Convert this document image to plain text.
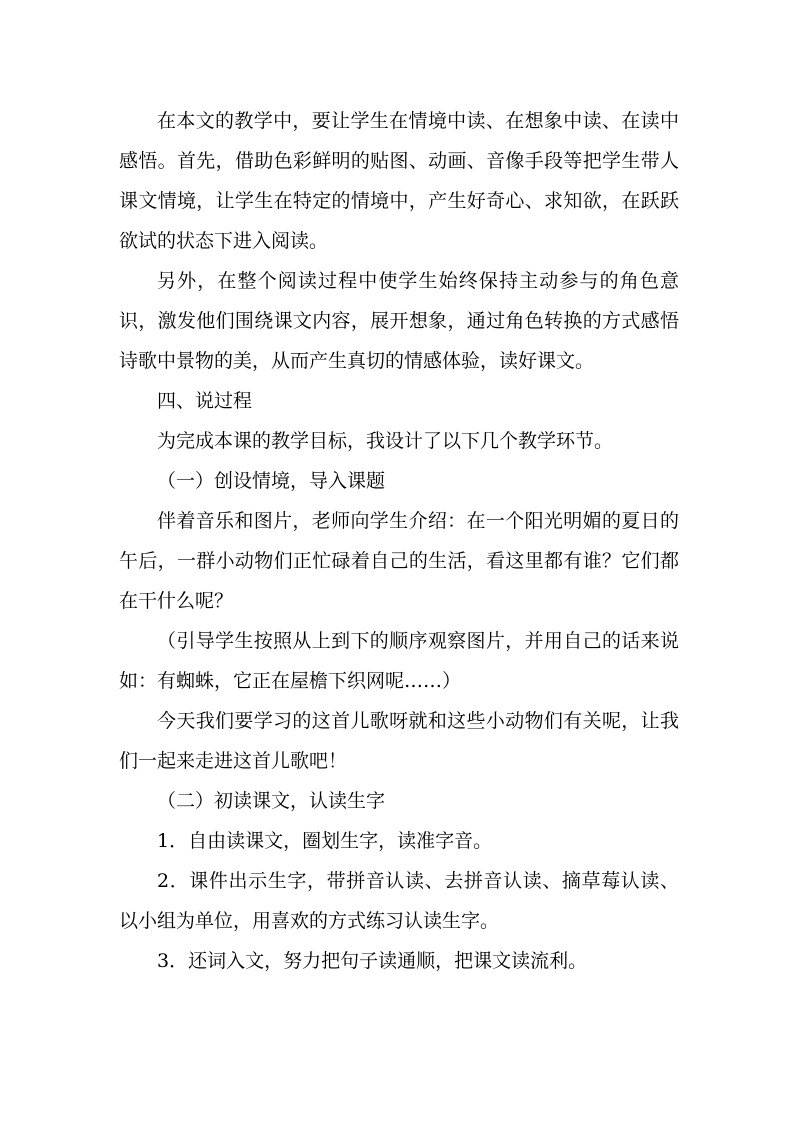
在本文的教学中，要让学生在情境中读、在想象中读、在读中感悟。首先，借助色彩鲜明的贴图、动画、音像手段等把学生带人课文情境，让学生在特定的情境中，产生好奇心、求知欲，在跃跃欲试的状态下进入阅读。

另外，在整个阅读过程中使学生始终保持主动参与的角色意识，激发他们围绕课文内容，展开想象，通过角色转换的方式感悟诗歌中景物的美，从而产生真切的情感体验，读好课文。

四、说过程

为完成本课的教学目标，我设计了以下几个教学环节。

（一）创设情境，导入课题

伴着音乐和图片，老师向学生介绍：在一个阳光明媚的夏日的午后，一群小动物们正忙碌着自己的生活，看这里都有谁？它们都在干什么呢？

（引导学生按照从上到下的顺序观察图片，并用自己的话来说如：有蜘蛛，它正在屋檐下织网呢……）

今天我们要学习的这首儿歌呀就和这些小动物们有关呢，让我们一起来走进这首儿歌吧！

（二）初读课文，认读生字

1．自由读课文，圈划生字，读准字音。

2．课件出示生字，带拼音认读、去拼音认读、摘草莓认读、以小组为单位，用喜欢的方式练习认读生字。

3．还词入文，努力把句子读通顺，把课文读流利。
